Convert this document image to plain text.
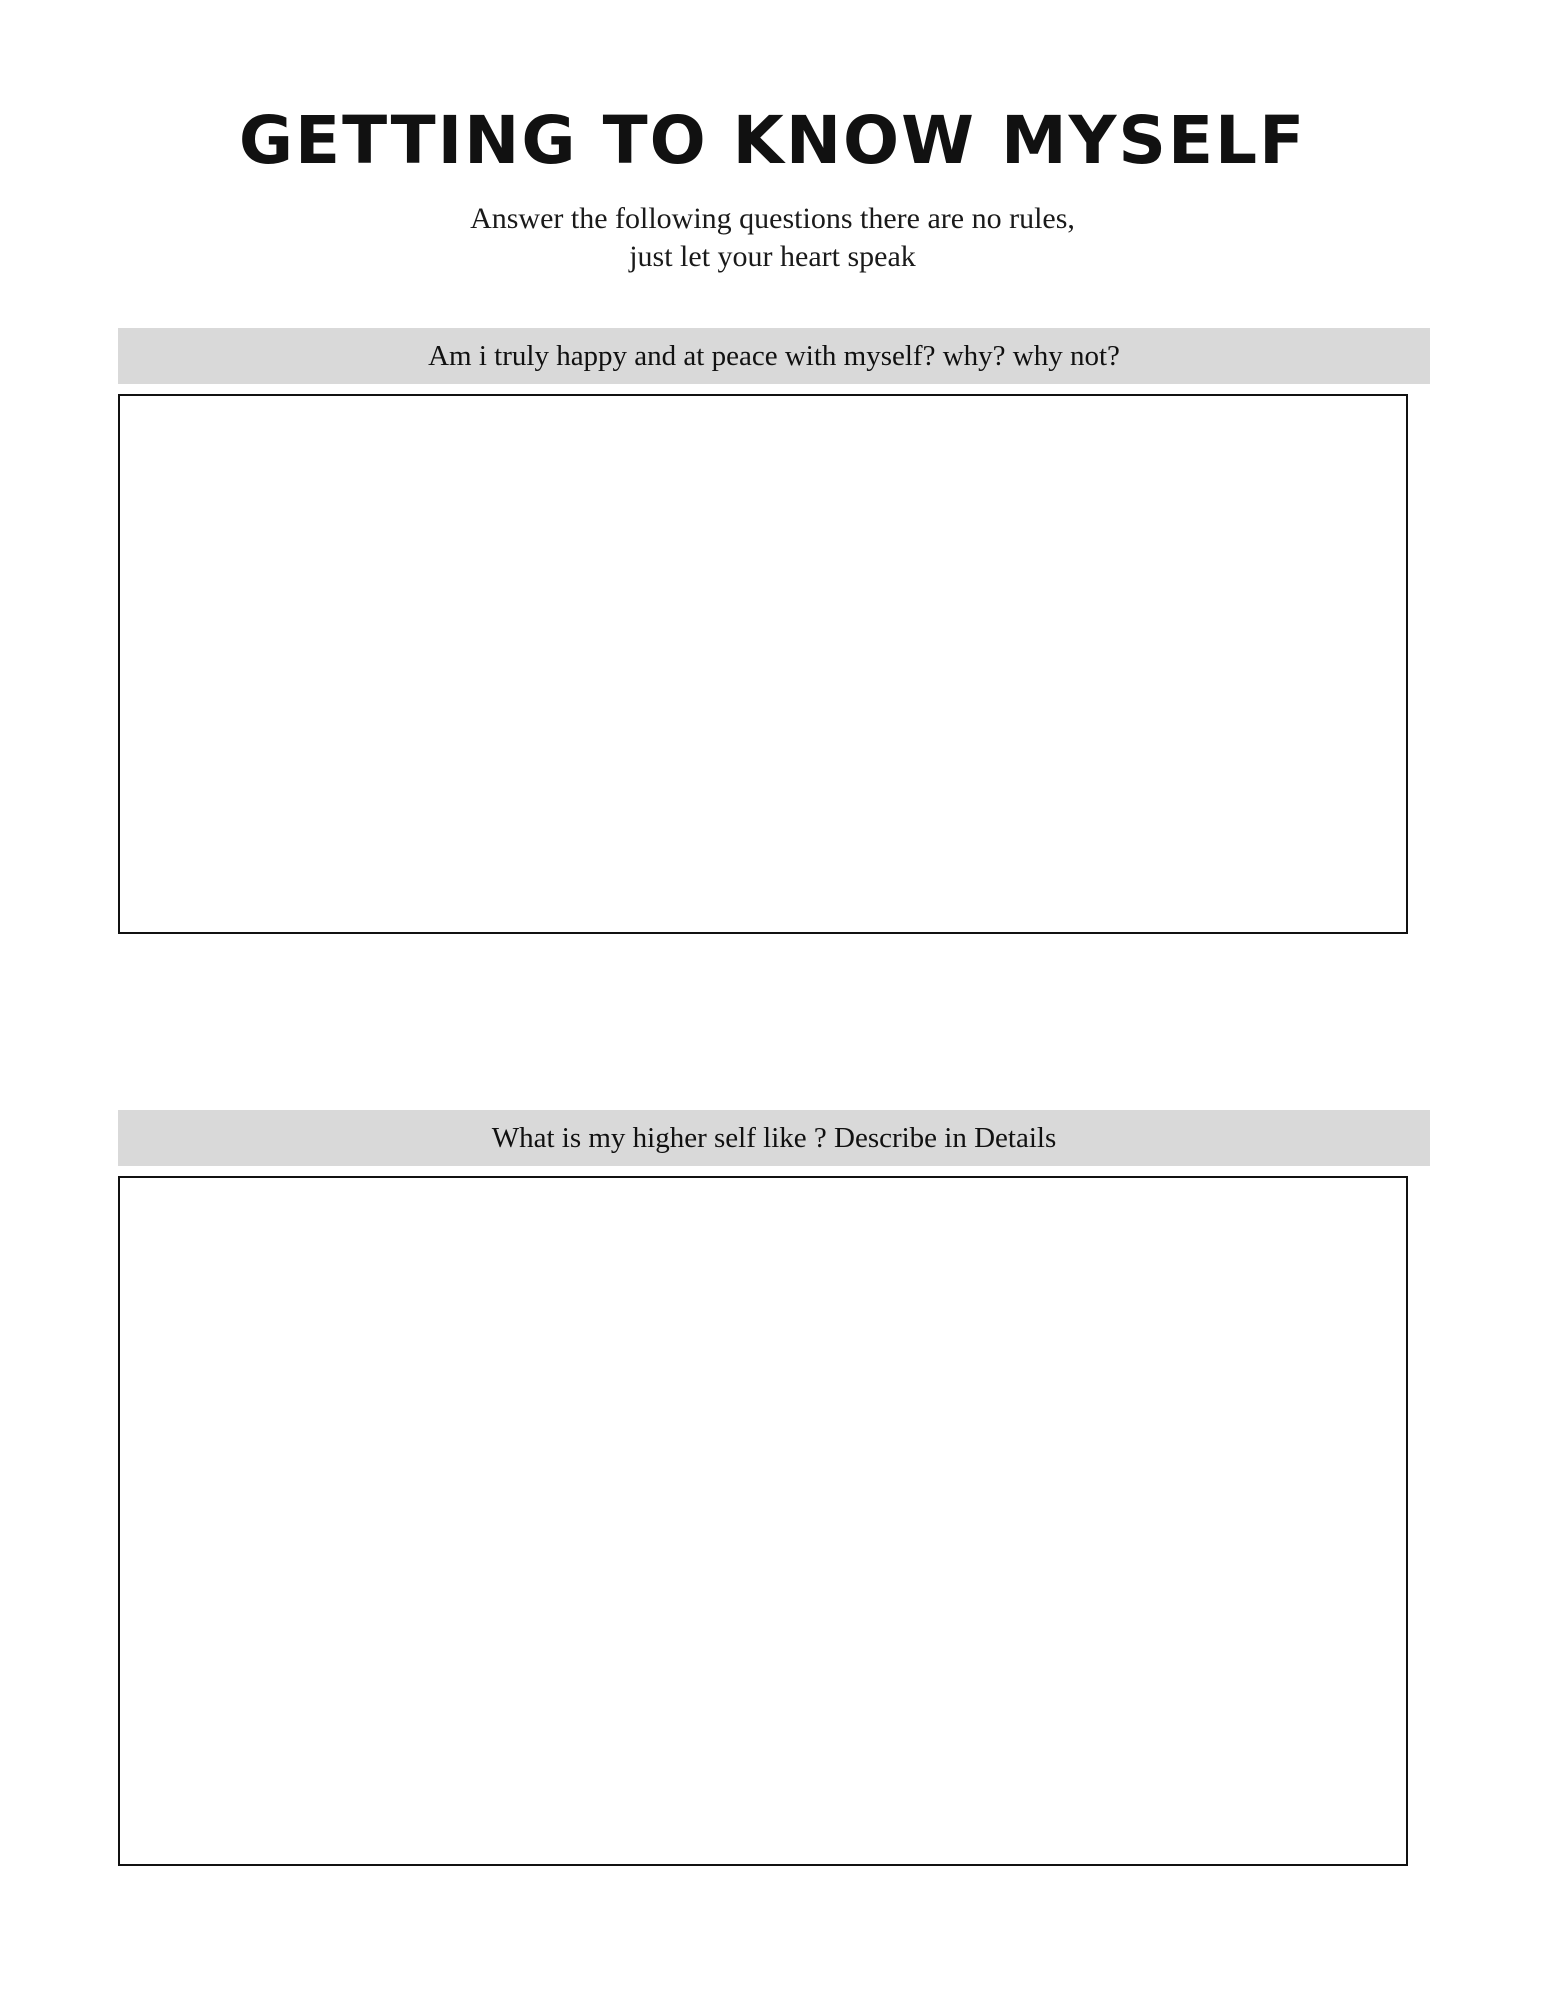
GETTING TO KNOW MYSELF

Answer the following questions there are no rules,
just let your heart speak

Am i truly happy and at peace with myself? why? why not?
What is my higher self like ? Describe in Details
